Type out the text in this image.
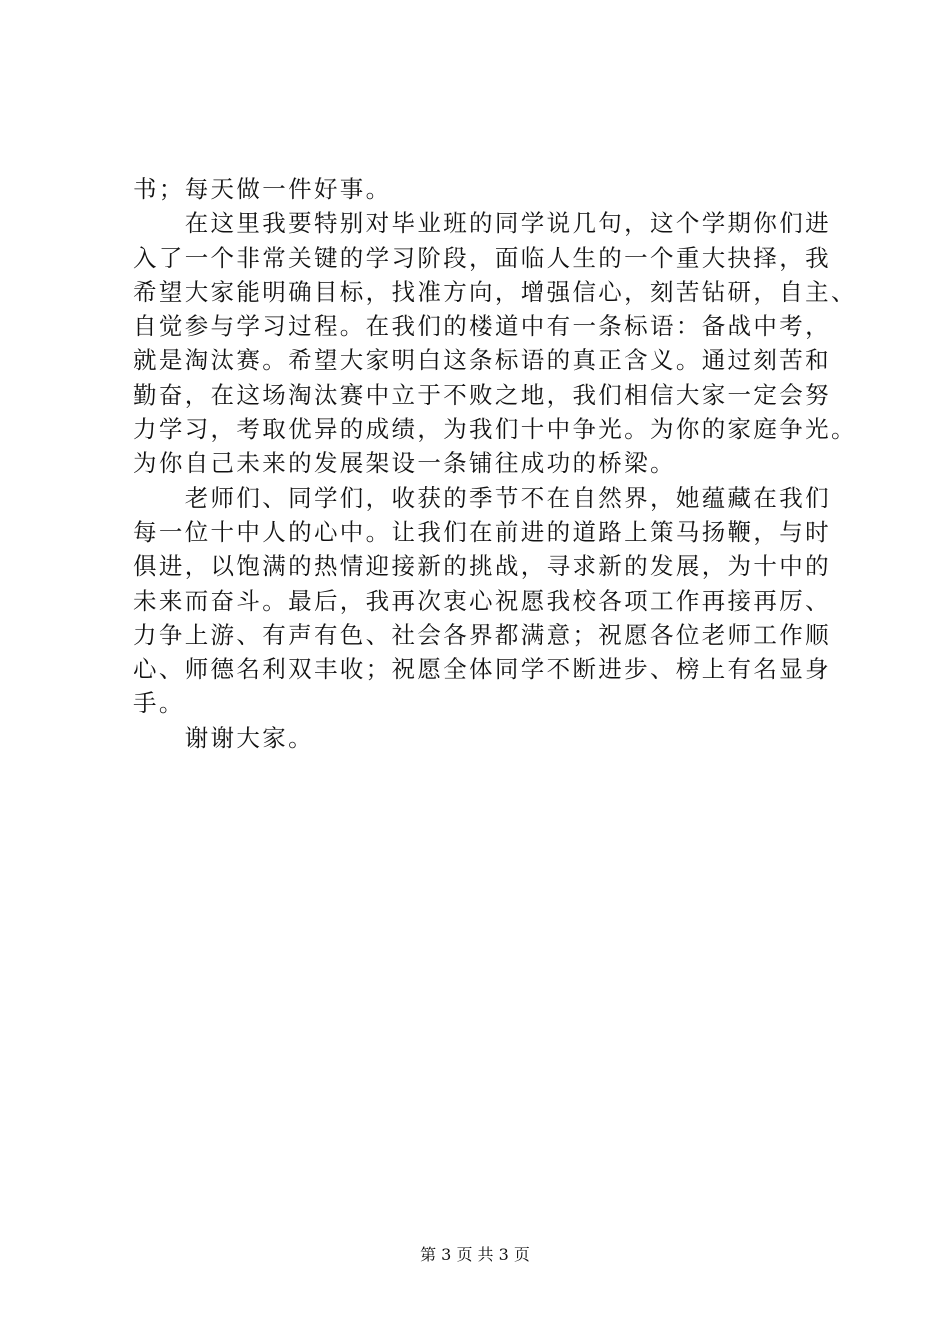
书；每天做一件好事。
　　在这里我要特别对毕业班的同学说几句，这个学期你们进
入了一个非常关键的学习阶段，面临人生的一个重大抉择，我
希望大家能明确目标，找准方向，增强信心，刻苦钻研，自主、
自觉参与学习过程。在我们的楼道中有一条标语：备战中考，
就是淘汰赛。希望大家明白这条标语的真正含义。通过刻苦和
勤奋，在这场淘汰赛中立于不败之地，我们相信大家一定会努
力学习，考取优异的成绩，为我们十中争光。为你的家庭争光。
为你自己未来的发展架设一条铺往成功的桥梁。
　　老师们、同学们，收获的季节不在自然界，她蕴藏在我们
每一位十中人的心中。让我们在前进的道路上策马扬鞭，与时
俱进，以饱满的热情迎接新的挑战，寻求新的发展，为十中的
未来而奋斗。最后，我再次衷心祝愿我校各项工作再接再厉、
力争上游、有声有色、社会各界都满意；祝愿各位老师工作顺
心、师德名利双丰收；祝愿全体同学不断进步、榜上有名显身
手。
　　谢谢大家。
第 3 页 共 3 页
